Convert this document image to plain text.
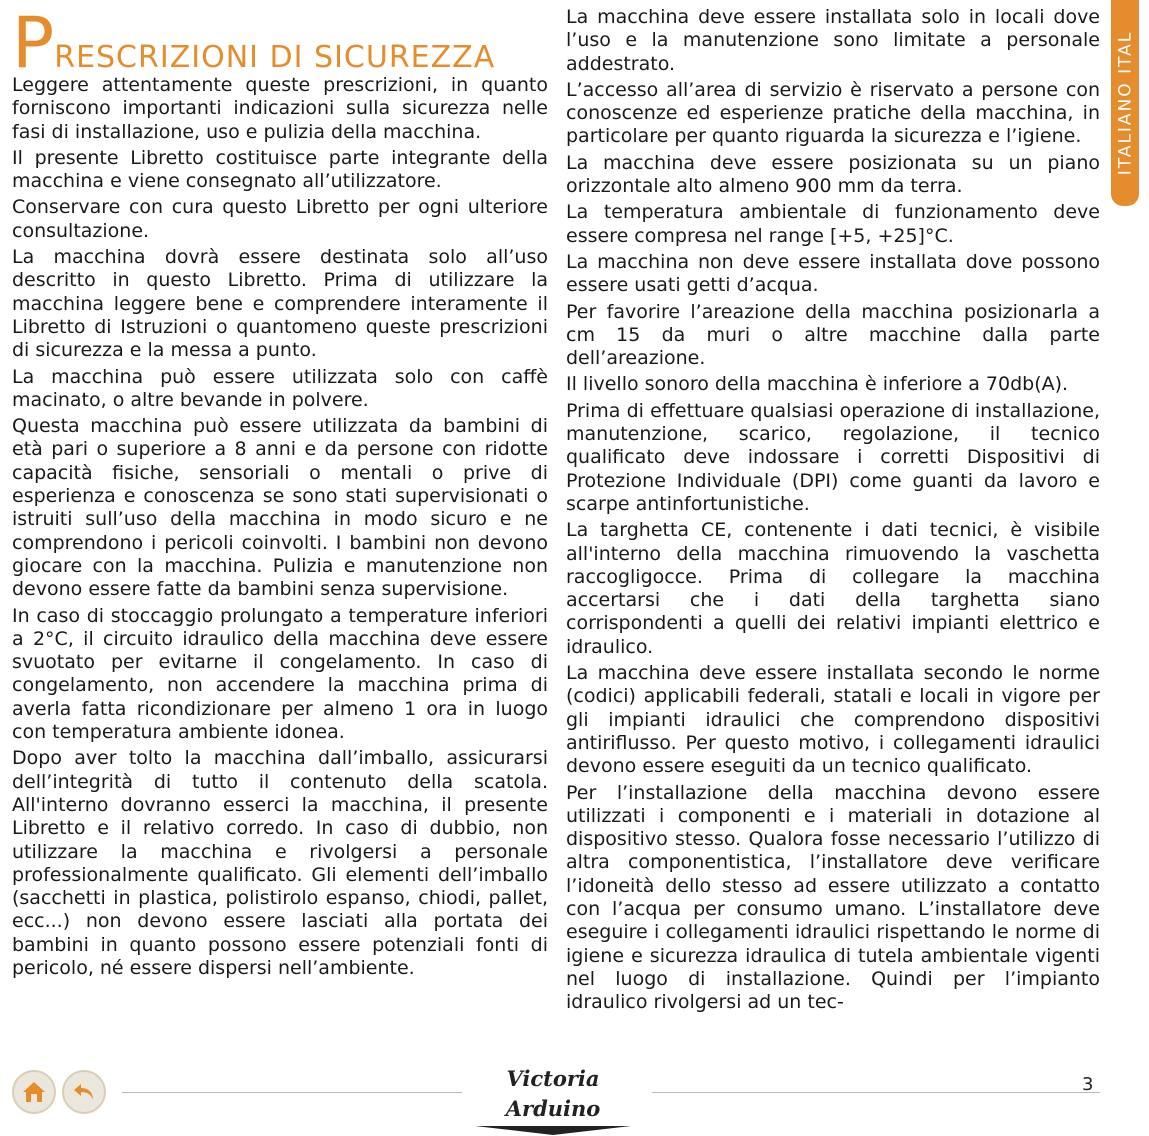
PRESCRIZIONI DI SICUREZZA

Leggere attentamente queste prescrizioni, in quanto forniscono importanti indicazioni sulla sicurezza nelle fasi di installazione, uso e pulizia della macchina.

Il presente Libretto costituisce parte integrante della macchina e viene consegnato all’utilizzatore.

Conservare con cura questo Libretto per ogni ulteriore consultazione.

La macchina dovrà essere destinata solo all’uso descritto in questo Libretto. Prima di utilizzare la macchina leggere bene e comprendere interamente il Libretto di Istruzioni o quantomeno queste prescrizioni di sicurezza e la messa a punto.

La macchina può essere utilizzata solo con caffè macinato, o altre bevande in polvere.

Questa macchina può essere utilizzata da bambini di età pari o superiore a 8 anni e da persone con ridotte capacità fisiche, sensoriali o mentali o prive di esperienza e conoscenza se sono stati supervisionati o istruiti sull’uso della macchina in modo sicuro e ne comprendono i pericoli coinvolti. I bambini non devono giocare con la macchina. Pulizia e manutenzione non devono essere fatte da bambini senza supervisione.

In caso di stoccaggio prolungato a temperature inferiori a 2°C, il circuito idraulico della macchina deve essere svuotato per evitarne il congelamento. In caso di congelamento, non accendere la macchina prima di averla fatta ricondizionare per almeno 1 ora in luogo con temperatura ambiente idonea.

Dopo aver tolto la macchina dall’imballo, assicurarsi dell’integrità di tutto il contenuto della scatola. All'interno dovranno esserci la macchina, il presente Libretto e il relativo corredo. In caso di dubbio, non utilizzare la macchina e rivolgersi a personale professionalmente qualificato. Gli elementi dell’imballo (sacchetti in plastica, polistirolo espanso, chiodi, pallet, ecc...) non devono essere lasciati alla portata dei bambini in quanto possono essere potenziali fonti di pericolo, né essere dispersi nell’ambiente.

La macchina deve essere installata solo in locali dove l’uso e la manutenzione sono limitate a personale addestrato.

L’accesso all’area di servizio è riservato a persone con conoscenze ed esperienze pratiche della macchina, in particolare per quanto riguarda la sicurezza e l’igiene.

La macchina deve essere posizionata su un piano orizzontale alto almeno 900 mm da terra.

La temperatura ambientale di funzionamento deve essere compresa nel range [+5, +25]°C.

La macchina non deve essere installata dove possono essere usati getti d’acqua.

Per favorire l’areazione della macchina posizionarla a cm 15 da muri o altre macchine dalla parte dell’areazione.

Il livello sonoro della macchina è inferiore a 70db(A).

Prima di effettuare qualsiasi operazione di installazione, manutenzione, scarico, regolazione, il tecnico qualificato deve indossare i corretti Dispositivi di Protezione Individuale (DPI) come guanti da lavoro e scarpe antinfortunistiche.

La targhetta CE, contenente i dati tecnici, è visibile all'interno della macchina rimuovendo la vaschetta raccogligocce. Prima di collegare la macchina accertarsi che i dati della targhetta siano corrispondenti a quelli dei relativi impianti elettrico e idraulico.

La macchina deve essere installata secondo le norme (codici) applicabili federali, statali e locali in vigore per gli impianti idraulici che comprendono dispositivi antiriflusso. Per questo motivo, i collegamenti idraulici devono essere eseguiti da un tecnico qualificato.

Per l’installazione della macchina devono essere utilizzati i componenti e i materiali in dotazione al dispositivo stesso. Qualora fosse necessario l’utilizzo di altra componentistica, l’installatore deve verificare l’idoneità dello stesso ad essere utilizzato a contatto con l’acqua per consumo umano. L’installatore deve eseguire i collegamenti idraulici rispettando le norme di igiene e sicurezza idraulica di tutela ambientale vigenti nel luogo di installazione. Quindi per l’impianto idraulico rivolgersi ad un tec-

ITALIANO ITAL
Victoria Arduino
3
